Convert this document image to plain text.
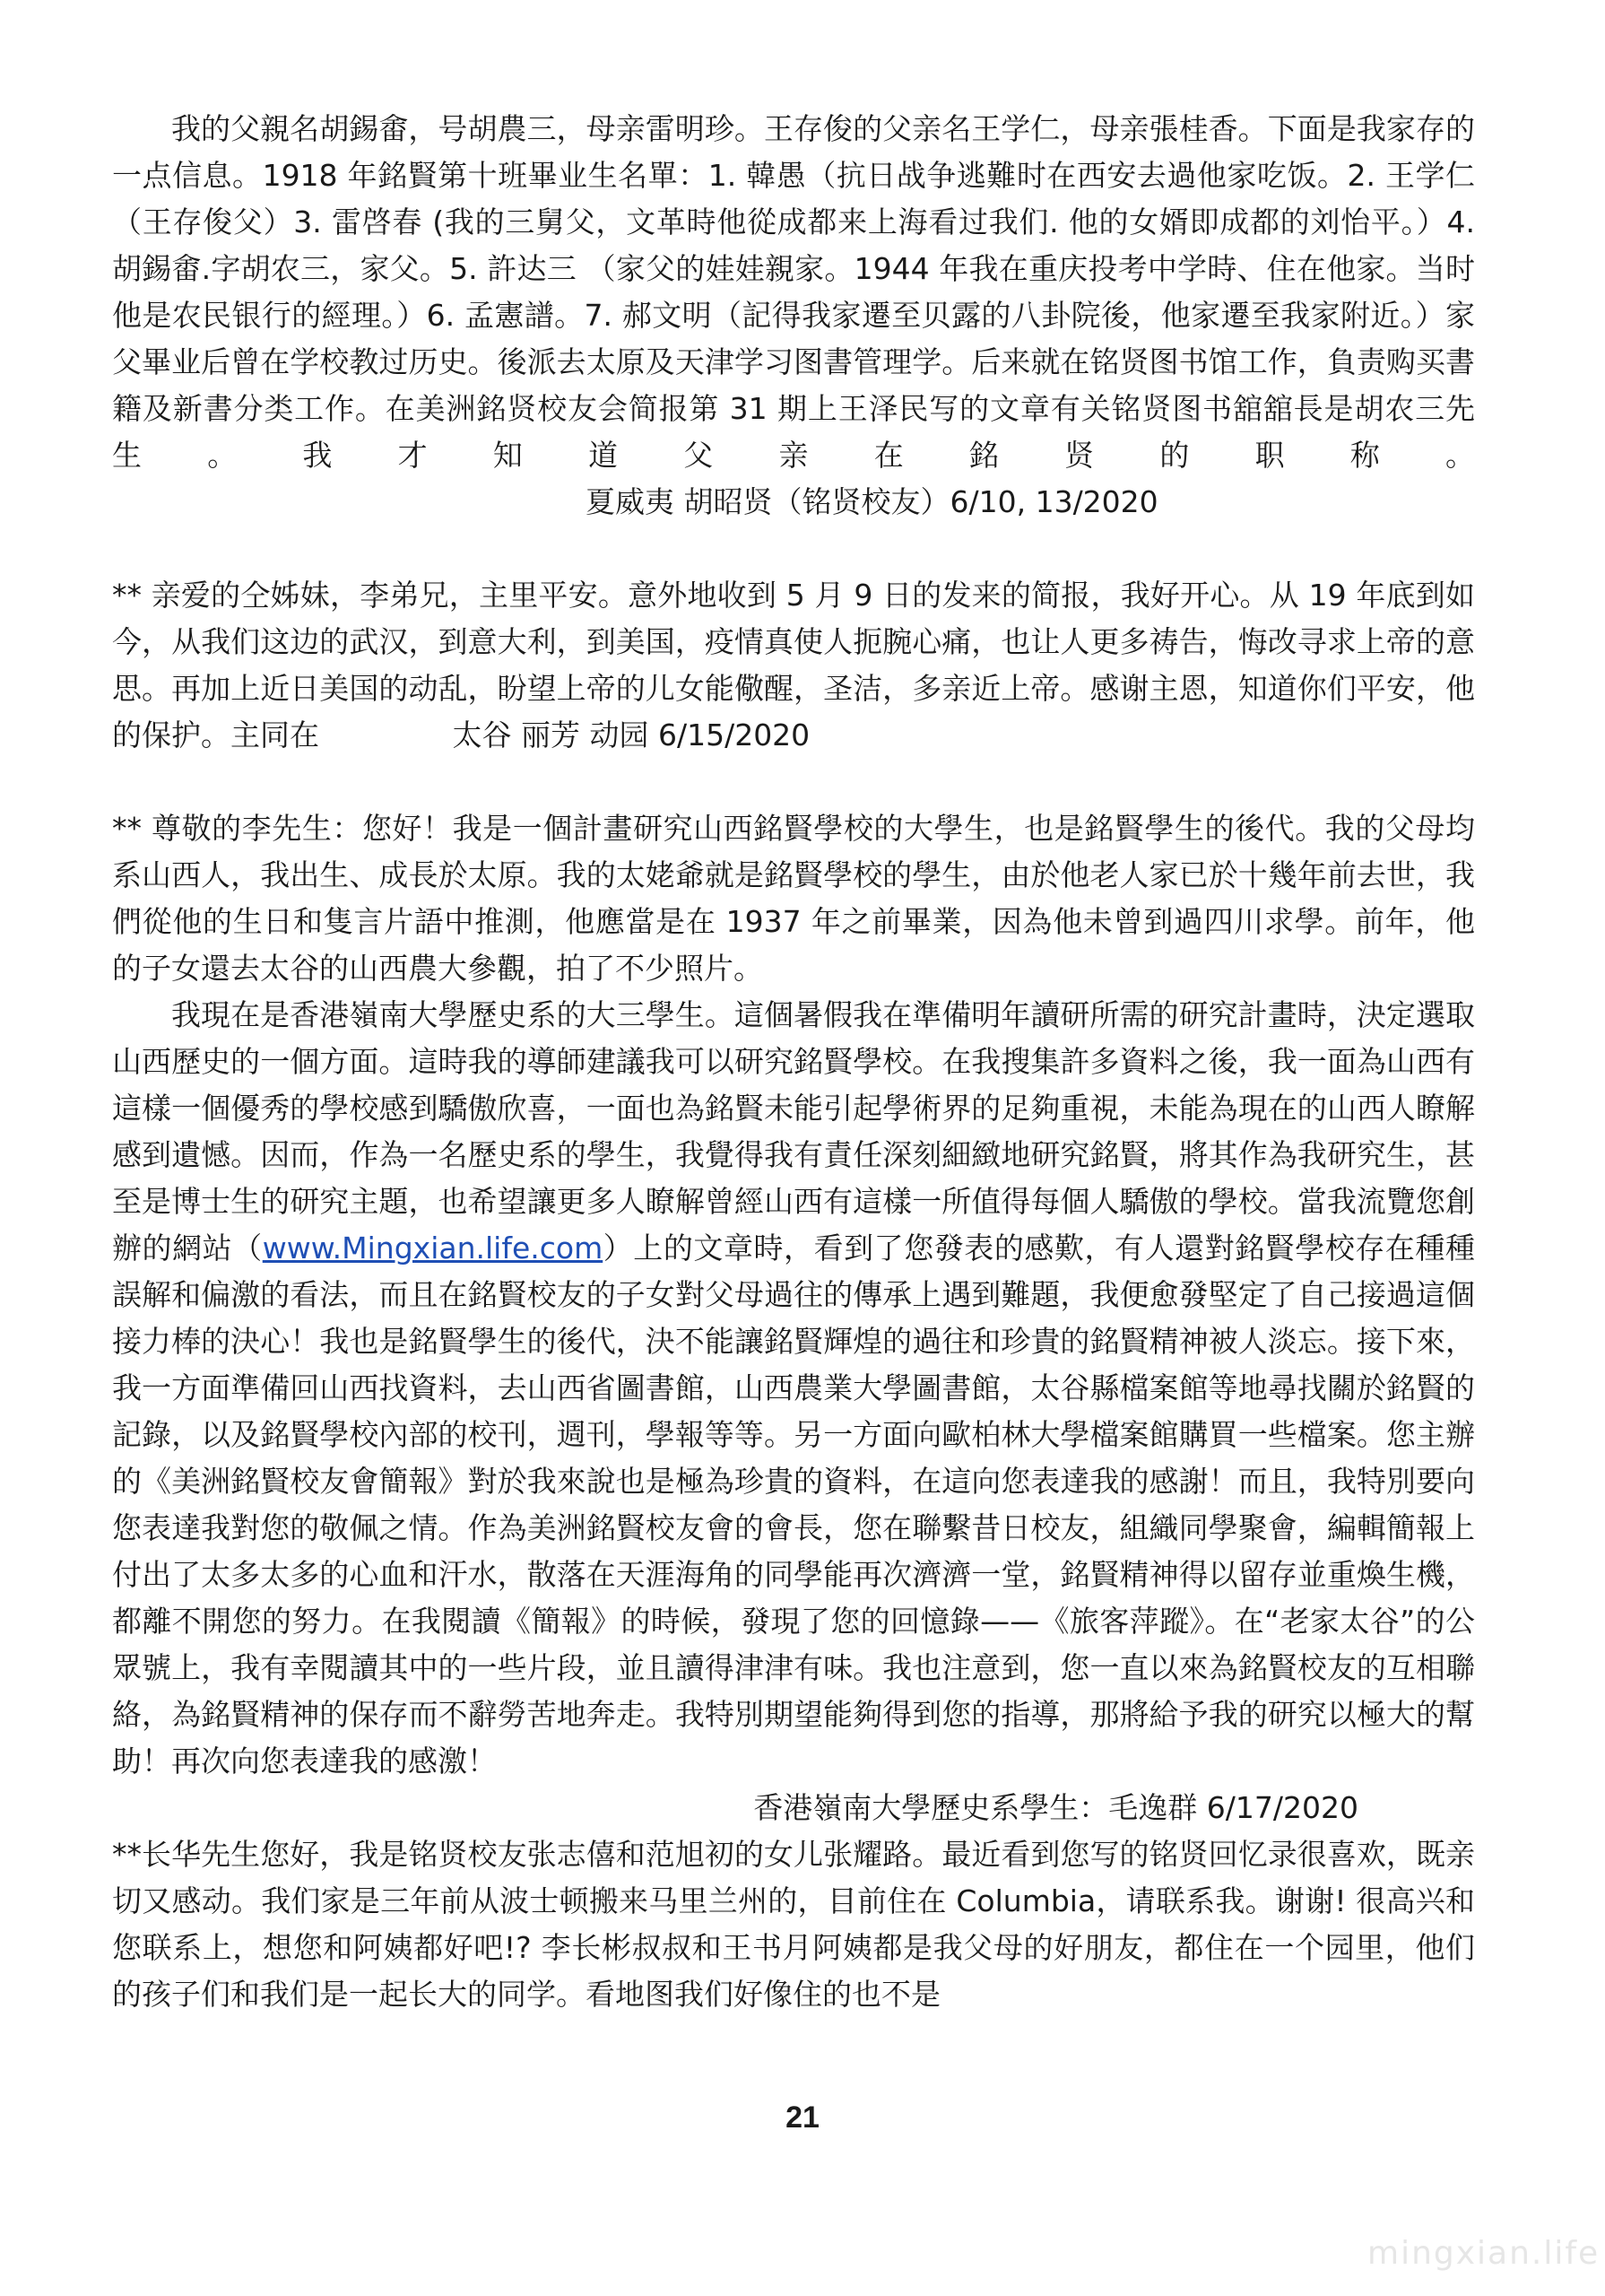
我的父親名胡錫畬，号胡農三，母亲雷明珍。王存俊的父亲名王学仁，母亲張桂香。下面是我家存的一点信息。1918 年銘賢第十班畢业生名單：1. 韓愚（抗日战争逃難时在西安去過他家吃饭。2. 王学仁（王存俊父）3. 雷啓春 (我的三舅父，文革時他從成都来上海看过我们. 他的女婿即成都的刘怡平。）4. 胡錫畬.字胡农三，家父。5. 許达三 （家父的娃娃親家。1944 年我在重庆投考中学時、住在他家。当时他是农民银行的經理。）6. 孟憲譜。7. 郝文明（記得我家遷至贝露的八卦院後，他家遷至我家附近。）家父畢业后曾在学校教过历史。後派去太原及天津学习图書管理学。后来就在铭贤图书馆工作，負责购买書籍及新書分类工作。在美洲銘贤校友会简报第 31 期上王泽民写的文章有关铭贤图书舘舘長是胡农三先生。我才知道父亲在銘贤的职称。夏威夷 胡昭贤（铭贤校友）6/10, 13/2020

** 亲爱的仝姊妹，李弟兄，主里平安。意外地收到 5 月 9 日的发来的简报，我好开心。从 19 年底到如今，从我们这边的武汉，到意大利，到美国，疫情真使人扼腕心痛，也让人更多祷告，悔改寻求上帝的意思。再加上近日美国的动乱，盼望上帝的儿女能儆醒，圣洁，多亲近上帝。感谢主恩，知道你们平安，他的保护。主同在	太谷 丽芳 动园 6/15/2020

** 尊敬的李先生：您好！我是一個計畫研究山西銘賢學校的大學生，也是銘賢學生的後代。我的父母均系山西人，我出生、成長於太原。我的太姥爺就是銘賢學校的學生，由於他老人家已於十幾年前去世，我們從他的生日和隻言片語中推測，他應當是在 1937 年之前畢業，因為他未曾到過四川求學。前年，他的子女還去太谷的山西農大參觀，拍了不少照片。

我現在是香港嶺南大學歷史系的大三學生。這個暑假我在準備明年讀研所需的研究計畫時，決定選取山西歷史的一個方面。這時我的導師建議我可以研究銘賢學校。在我搜集許多資料之後，我一面為山西有這樣一個優秀的學校感到驕傲欣喜，一面也為銘賢未能引起學術界的足夠重視，未能為現在的山西人瞭解感到遺憾。因而，作為一名歷史系的學生，我覺得我有責任深刻細緻地研究銘賢，將其作為我研究生，甚至是博士生的研究主題，也希望讓更多人瞭解曾經山西有這樣一所值得每個人驕傲的學校。當我流覽您創辦的網站（www.Mingxian.life.com）上的文章時，看到了您發表的感歎，有人還對銘賢學校存在種種誤解和偏激的看法，而且在銘賢校友的子女對父母過往的傳承上遇到難題，我便愈發堅定了自己接過這個接力棒的決心！我也是銘賢學生的後代，決不能讓銘賢輝煌的過往和珍貴的銘賢精神被人淡忘。接下來，我一方面準備回山西找資料，去山西省圖書館，山西農業大學圖書館，太谷縣檔案館等地尋找關於銘賢的記錄，以及銘賢學校內部的校刊，週刊，學報等等。另一方面向歐柏林大學檔案館購買一些檔案。您主辦的《美洲銘賢校友會簡報》對於我來說也是極為珍貴的資料，在這向您表達我的感謝！而且，我特別要向您表達我對您的敬佩之情。作為美洲銘賢校友會的會長，您在聯繫昔日校友，組織同學聚會，編輯簡報上付出了太多太多的心血和汗水，散落在天涯海角的同學能再次濟濟一堂，銘賢精神得以留存並重煥生機，都離不開您的努力。在我閱讀《簡報》的時候，發現了您的回憶錄——《旅客萍蹤》。在“老家太谷”的公眾號上，我有幸閱讀其中的一些片段，並且讀得津津有味。我也注意到，您一直以來為銘賢校友的互相聯絡，為銘賢精神的保存而不辭勞苦地奔走。我特別期望能夠得到您的指導，那將給予我的研究以極大的幫助！再次向您表達我的感激！

香港嶺南大學歷史系學生：毛逸群 6/17/2020

**长华先生您好，我是铭贤校友张志僖和范旭初的女儿张耀路。最近看到您写的铭贤回忆录很喜欢，既亲切又感动。我们家是三年前从波士顿搬来马里兰州的，目前住在 Columbia，请联系我。谢谢! 很高兴和您联系上，想您和阿姨都好吧!? 李长彬叔叔和王书月阿姨都是我父母的好朋友，都住在一个园里，他们的孩子们和我们是一起长大的同学。看地图我们好像住的也不是

21
mingxian.life
